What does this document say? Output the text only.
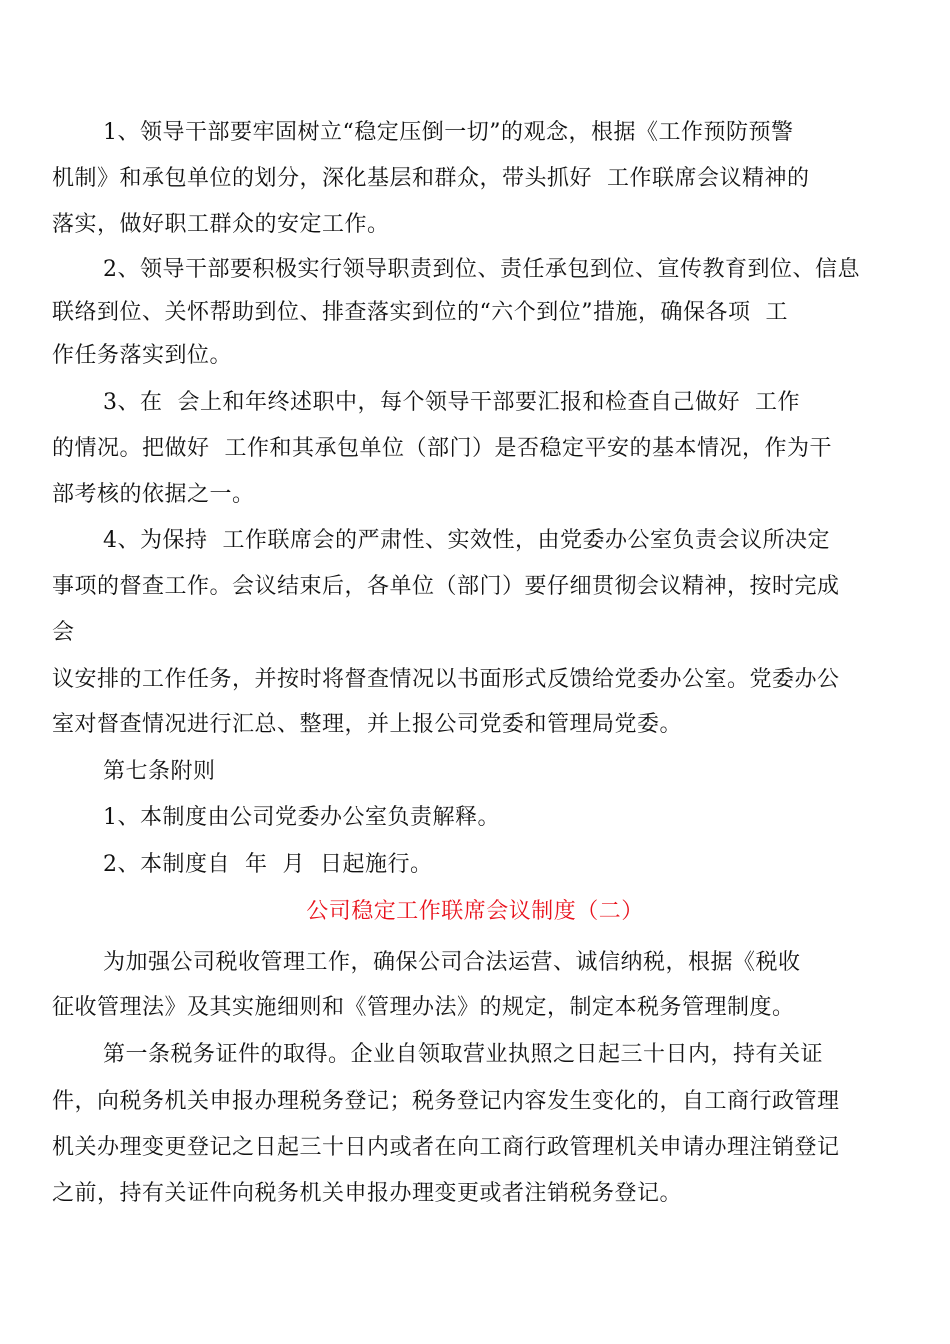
1、领导干部要牢固树立“稳定压倒一切”的观念，根据《工作预防预警
机制》和承包单位的划分，深化基层和群众，带头抓好  工作联席会议精神的
落实，做好职工群众的安定工作。
2、领导干部要积极实行领导职责到位、责任承包到位、宣传教育到位、信息
联络到位、关怀帮助到位、排查落实到位的“六个到位”措施，确保各项  工
作任务落实到位。
3、在  会上和年终述职中，每个领导干部要汇报和检查自己做好  工作
的情况。把做好  工作和其承包单位（部门）是否稳定平安的基本情况，作为干
部考核的依据之一。
4、为保持  工作联席会的严肃性、实效性，由党委办公室负责会议所决定
事项的督查工作。会议结束后，各单位（部门）要仔细贯彻会议精神，按时完成
会
议安排的工作任务，并按时将督查情况以书面形式反馈给党委办公室。党委办公
室对督查情况进行汇总、整理，并上报公司党委和管理局党委。
第七条附则
1、本制度由公司党委办公室负责解释。
2、本制度自  年  月  日起施行。
公司稳定工作联席会议制度（二）
为加强公司税收管理工作，确保公司合法运营、诚信纳税，根据《税收
征收管理法》及其实施细则和《管理办法》的规定，制定本税务管理制度。
第一条税务证件的取得。企业自领取营业执照之日起三十日内，持有关证
件，向税务机关申报办理税务登记；税务登记内容发生变化的，自工商行政管理
机关办理变更登记之日起三十日内或者在向工商行政管理机关申请办理注销登记
之前，持有关证件向税务机关申报办理变更或者注销税务登记。
